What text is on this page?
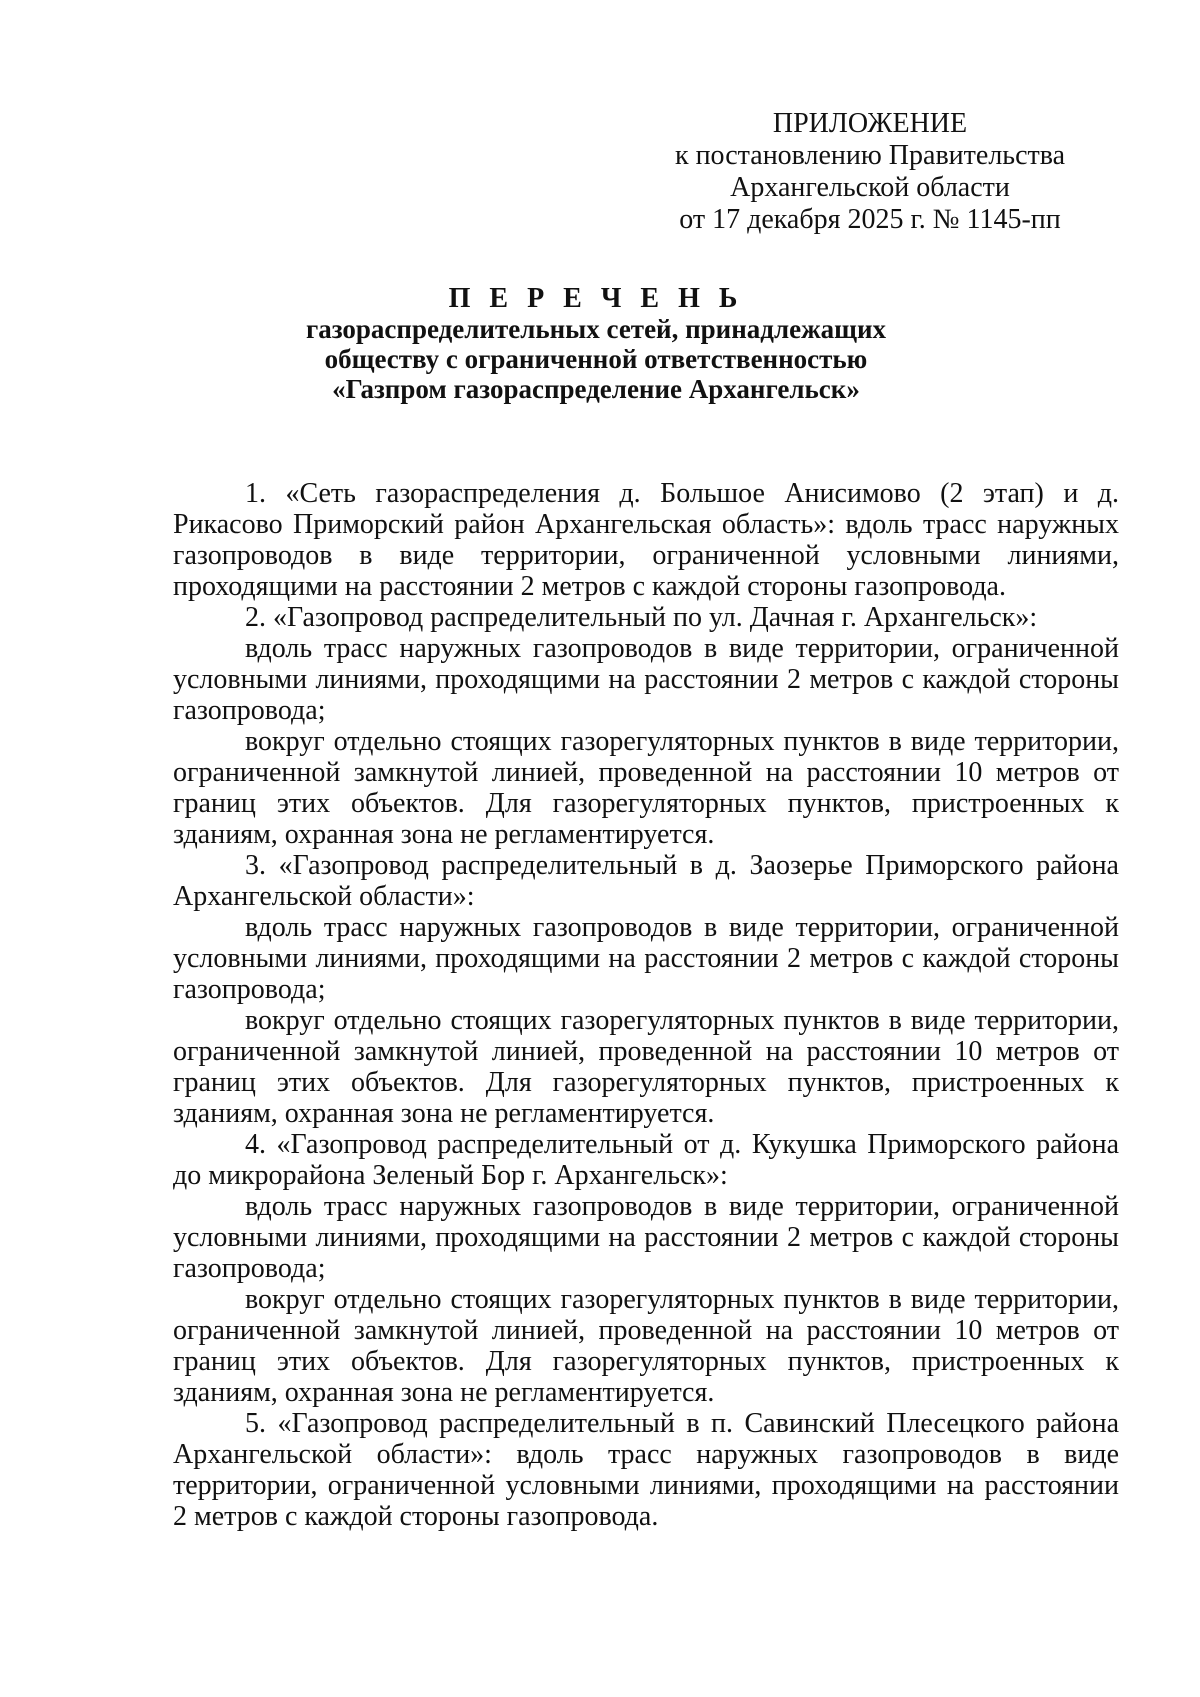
ПРИЛОЖЕНИЕ
к постановлению Правительства
Архангельской области
от 17 декабря 2025 г. № 1145-пп
П Е Р Е Ч Е Н Ь
газораспределительных сетей, принадлежащих
обществу с ограниченной ответственностью
«Газпром газораспределение Архангельск»

1. «Сеть газораспределения д. Большое Анисимово (2 этап) и д. Рикасово Приморский район Архангельская область»: вдоль трасс наружных газопроводов в виде территории, ограниченной условными линиями, проходящими на расстоянии 2 метров с каждой стороны газопровода.

2. «Газопровод распределительный по ул. Дачная г. Архангельск»:

вдоль трасс наружных газопроводов в виде территории, ограниченной условными линиями, проходящими на расстоянии 2 метров с каждой стороны газопровода;

вокруг отдельно стоящих газорегуляторных пунктов в виде территории, ограниченной замкнутой линией, проведенной на расстоянии 10 метров от границ этих объектов. Для газорегуляторных пунктов, пристроенных к зданиям, охранная зона не регламентируется.

3. «Газопровод распределительный в д. Заозерье Приморского района Архангельской области»:

вдоль трасс наружных газопроводов в виде территории, ограниченной условными линиями, проходящими на расстоянии 2 метров с каждой стороны газопровода;

вокруг отдельно стоящих газорегуляторных пунктов в виде территории, ограниченной замкнутой линией, проведенной на расстоянии 10 метров от границ этих объектов. Для газорегуляторных пунктов, пристроенных к зданиям, охранная зона не регламентируется.

4. «Газопровод распределительный от д. Кукушка Приморского района до микрорайона Зеленый Бор г. Архангельск»:

вдоль трасс наружных газопроводов в виде территории, ограниченной условными линиями, проходящими на расстоянии 2 метров с каждой стороны газопровода;

вокруг отдельно стоящих газорегуляторных пунктов в виде территории, ограниченной замкнутой линией, проведенной на расстоянии 10 метров от границ этих объектов. Для газорегуляторных пунктов, пристроенных к зданиям, охранная зона не регламентируется.

5. «Газопровод распределительный в п. Савинский Плесецкого района Архангельской области»: вдоль трасс наружных газопроводов в виде территории, ограниченной условными линиями, проходящими на расстоянии 2 метров с каждой стороны газопровода.
